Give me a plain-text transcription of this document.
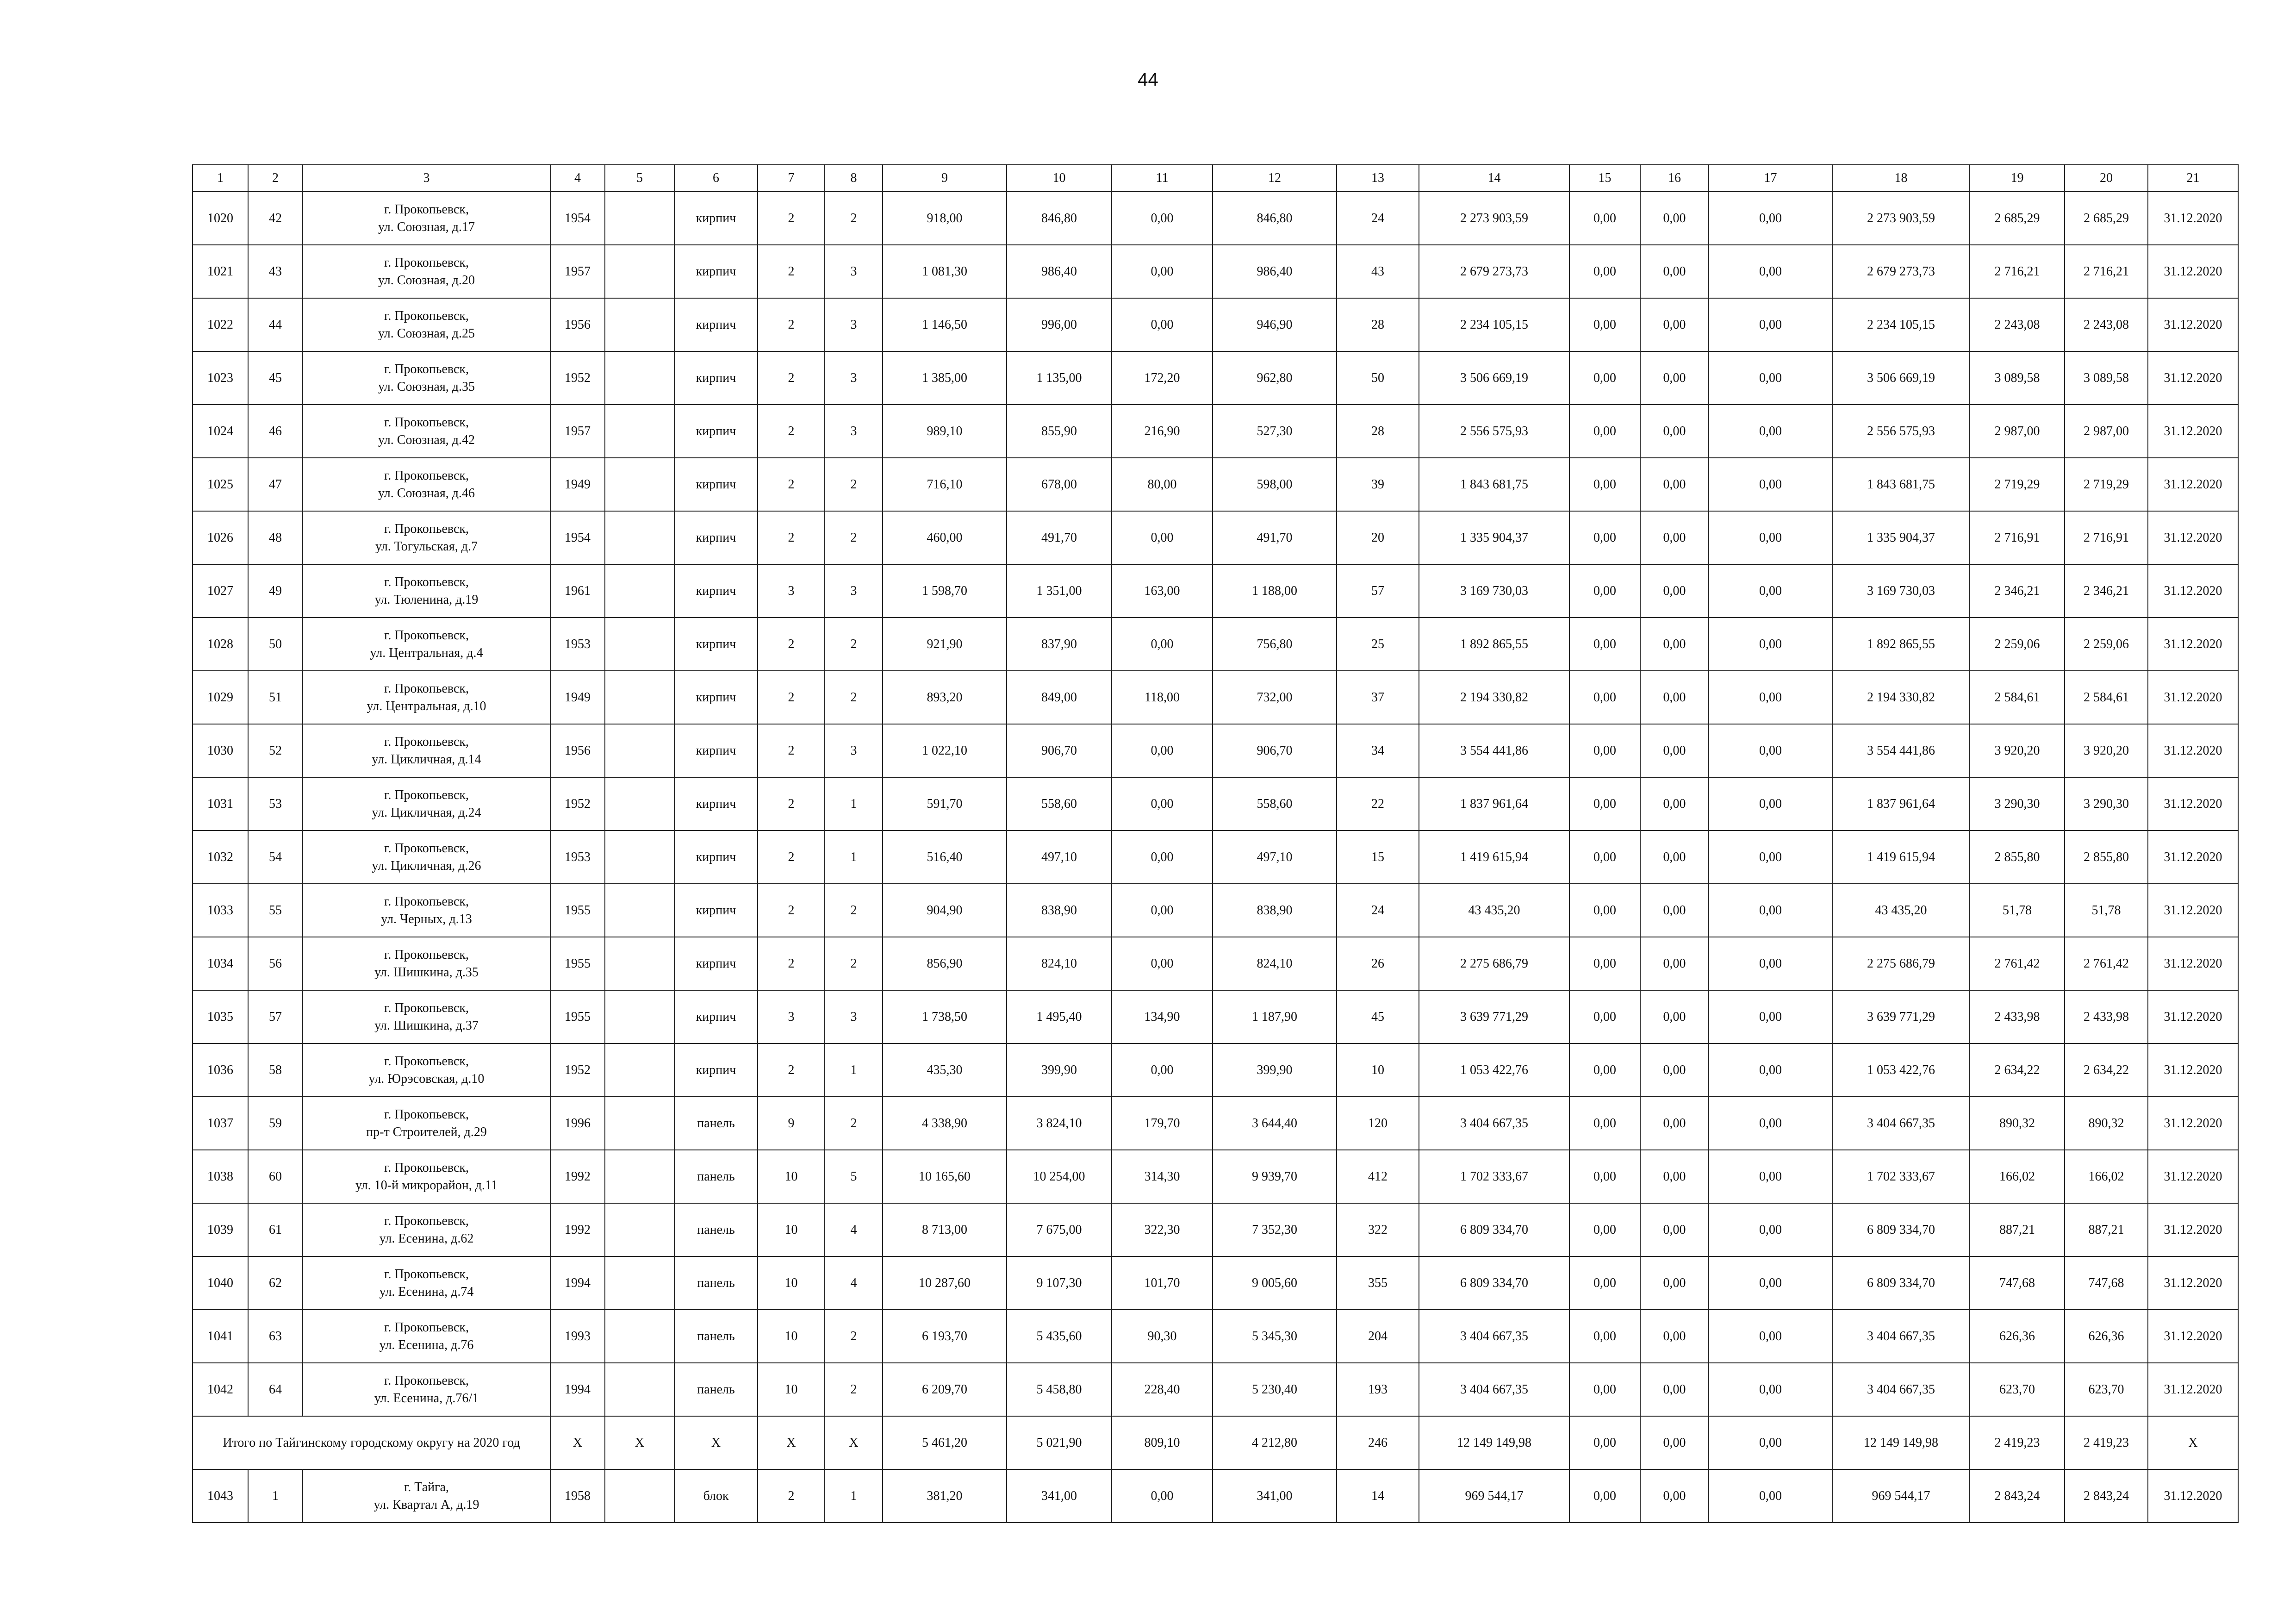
44
1	2	3	4	5	6	7	8	9	10	11	12	13	14	15	16	17	18	19	20	21
1020	42	г. Прокопьевск,
ул. Союзная, д.17	1954		кирпич	2	2	918,00	846,80	0,00	846,80	24	2 273 903,59	0,00	0,00	0,00	2 273 903,59	2 685,29	2 685,29	31.12.2020
1021	43	г. Прокопьевск,
ул. Союзная, д.20	1957		кирпич	2	3	1 081,30	986,40	0,00	986,40	43	2 679 273,73	0,00	0,00	0,00	2 679 273,73	2 716,21	2 716,21	31.12.2020
1022	44	г. Прокопьевск,
ул. Союзная, д.25	1956		кирпич	2	3	1 146,50	996,00	0,00	946,90	28	2 234 105,15	0,00	0,00	0,00	2 234 105,15	2 243,08	2 243,08	31.12.2020
1023	45	г. Прокопьевск,
ул. Союзная, д.35	1952		кирпич	2	3	1 385,00	1 135,00	172,20	962,80	50	3 506 669,19	0,00	0,00	0,00	3 506 669,19	3 089,58	3 089,58	31.12.2020
1024	46	г. Прокопьевск,
ул. Союзная, д.42	1957		кирпич	2	3	989,10	855,90	216,90	527,30	28	2 556 575,93	0,00	0,00	0,00	2 556 575,93	2 987,00	2 987,00	31.12.2020
1025	47	г. Прокопьевск,
ул. Союзная, д.46	1949		кирпич	2	2	716,10	678,00	80,00	598,00	39	1 843 681,75	0,00	0,00	0,00	1 843 681,75	2 719,29	2 719,29	31.12.2020
1026	48	г. Прокопьевск,
ул. Тогульская, д.7	1954		кирпич	2	2	460,00	491,70	0,00	491,70	20	1 335 904,37	0,00	0,00	0,00	1 335 904,37	2 716,91	2 716,91	31.12.2020
1027	49	г. Прокопьевск,
ул. Тюленина, д.19	1961		кирпич	3	3	1 598,70	1 351,00	163,00	1 188,00	57	3 169 730,03	0,00	0,00	0,00	3 169 730,03	2 346,21	2 346,21	31.12.2020
1028	50	г. Прокопьевск,
ул. Центральная, д.4	1953		кирпич	2	2	921,90	837,90	0,00	756,80	25	1 892 865,55	0,00	0,00	0,00	1 892 865,55	2 259,06	2 259,06	31.12.2020
1029	51	г. Прокопьевск,
ул. Центральная, д.10	1949		кирпич	2	2	893,20	849,00	118,00	732,00	37	2 194 330,82	0,00	0,00	0,00	2 194 330,82	2 584,61	2 584,61	31.12.2020
1030	52	г. Прокопьевск,
ул. Цикличная, д.14	1956		кирпич	2	3	1 022,10	906,70	0,00	906,70	34	3 554 441,86	0,00	0,00	0,00	3 554 441,86	3 920,20	3 920,20	31.12.2020
1031	53	г. Прокопьевск,
ул. Цикличная, д.24	1952		кирпич	2	1	591,70	558,60	0,00	558,60	22	1 837 961,64	0,00	0,00	0,00	1 837 961,64	3 290,30	3 290,30	31.12.2020
1032	54	г. Прокопьевск,
ул. Цикличная, д.26	1953		кирпич	2	1	516,40	497,10	0,00	497,10	15	1 419 615,94	0,00	0,00	0,00	1 419 615,94	2 855,80	2 855,80	31.12.2020
1033	55	г. Прокопьевск,
ул. Черных, д.13	1955		кирпич	2	2	904,90	838,90	0,00	838,90	24	43 435,20	0,00	0,00	0,00	43 435,20	51,78	51,78	31.12.2020
1034	56	г. Прокопьевск,
ул. Шишкина, д.35	1955		кирпич	2	2	856,90	824,10	0,00	824,10	26	2 275 686,79	0,00	0,00	0,00	2 275 686,79	2 761,42	2 761,42	31.12.2020
1035	57	г. Прокопьевск,
ул. Шишкина, д.37	1955		кирпич	3	3	1 738,50	1 495,40	134,90	1 187,90	45	3 639 771,29	0,00	0,00	0,00	3 639 771,29	2 433,98	2 433,98	31.12.2020
1036	58	г. Прокопьевск,
ул. Юрэсовская, д.10	1952		кирпич	2	1	435,30	399,90	0,00	399,90	10	1 053 422,76	0,00	0,00	0,00	1 053 422,76	2 634,22	2 634,22	31.12.2020
1037	59	г. Прокопьевск,
пр-т Строителей, д.29	1996		панель	9	2	4 338,90	3 824,10	179,70	3 644,40	120	3 404 667,35	0,00	0,00	0,00	3 404 667,35	890,32	890,32	31.12.2020
1038	60	г. Прокопьевск,
ул. 10-й микрорайон, д.11	1992		панель	10	5	10 165,60	10 254,00	314,30	9 939,70	412	1 702 333,67	0,00	0,00	0,00	1 702 333,67	166,02	166,02	31.12.2020
1039	61	г. Прокопьевск,
ул. Есенина, д.62	1992		панель	10	4	8 713,00	7 675,00	322,30	7 352,30	322	6 809 334,70	0,00	0,00	0,00	6 809 334,70	887,21	887,21	31.12.2020
1040	62	г. Прокопьевск,
ул. Есенина, д.74	1994		панель	10	4	10 287,60	9 107,30	101,70	9 005,60	355	6 809 334,70	0,00	0,00	0,00	6 809 334,70	747,68	747,68	31.12.2020
1041	63	г. Прокопьевск,
ул. Есенина, д.76	1993		панель	10	2	6 193,70	5 435,60	90,30	5 345,30	204	3 404 667,35	0,00	0,00	0,00	3 404 667,35	626,36	626,36	31.12.2020
1042	64	г. Прокопьевск,
ул. Есенина, д.76/1	1994		панель	10	2	6 209,70	5 458,80	228,40	5 230,40	193	3 404 667,35	0,00	0,00	0,00	3 404 667,35	623,70	623,70	31.12.2020
Итого по Тайгинскому городскому округу на 2020 год			X	X	X	X	X	5 461,20	5 021,90	809,10	4 212,80	246	12 149 149,98	0,00	0,00	0,00	12 149 149,98	2 419,23	2 419,23	X
1043	1	г. Тайга,
ул. Квартал А, д.19	1958		блок	2	1	381,20	341,00	0,00	341,00	14	969 544,17	0,00	0,00	0,00	969 544,17	2 843,24	2 843,24	31.12.2020
